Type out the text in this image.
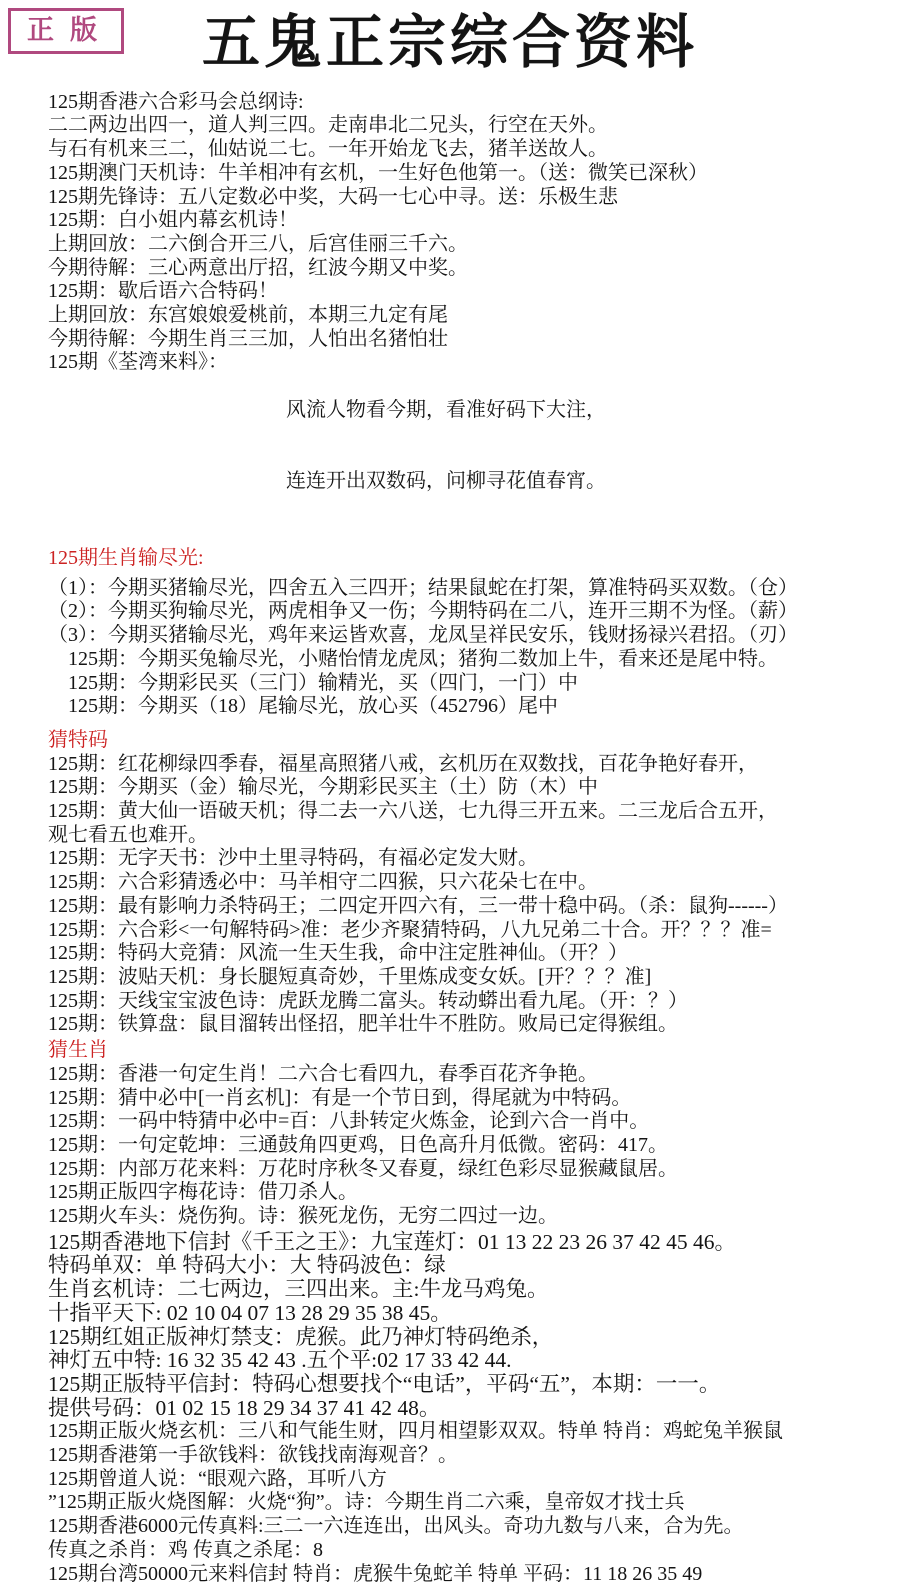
正版	五鬼正宗综合资料
125期香港六合彩马会总纲诗:
二二两边出四一，道人判三四。走南串北二兄头，行空在天外。
与石有机来三二，仙姑说二七。一年开始龙飞去，猪羊送故人。
125期澳门天机诗：牛羊相冲有玄机，一生好色他第一。（送：微笑已深秋）
125期先锋诗：五八定数必中奖，大码一七心中寻。送：乐极生悲
125期：白小姐内幕玄机诗！
上期回放：二六倒合开三八，后宫佳丽三千六。
今期待解：三心两意出厅招，红波今期又中奖。
125期：歇后语六合特码！
上期回放：东宫娘娘爱桃前，本期三九定有尾
今期待解：今期生肖三三加，人怕出名猪怕壮
125期《荃湾来料》：

风流人物看今期，看准好码下大注，

连连开出双数码，问柳寻花值春宵。

125期生肖输尽光:
（1）：今期买猪输尽光，四舍五入三四开；结果鼠蛇在打架，算准特码买双数。（仓）
（2）：今期买狗输尽光，两虎相争又一伤；今期特码在二八，连开三期不为怪。（薪）
（3）：今期买猪输尽光，鸡年来运皆欢喜，龙凤呈祥民安乐，钱财扬禄兴君招。（刃）
125期：今期买兔输尽光，小赌怡情龙虎凤；猪狗二数加上牛，看来还是尾中特。
125期：今期彩民买（三门）输精光，买（四门，一门）中
125期：今期买（18）尾输尽光，放心买（452796）尾中
猜特码
125期：红花柳绿四季春，福星高照猪八戒，玄机历在双数找，百花争艳好春开，
125期：今期买（金）输尽光，今期彩民买主（土）防（木）中
125期：黄大仙一语破天机；得二去一六八送，七九得三开五来。二三龙后合五开，
观七看五也难开。
125期：无字天书：沙中土里寻特码，有福必定发大财。
125期：六合彩猜透必中：马羊相守二四猴，只六花朵七在中。
125期：最有影响力杀特码王；二四定开四六有，三一带十稳中码。（杀：鼠狗------）
125期：六合彩<一句解特码>准：老少齐聚猜特码，八九兄弟二十合。开？？？准=
125期：特码大竞猜：风流一生天生我，命中注定胜神仙。（开？）
125期：波贴天机：身长腿短真奇妙，千里炼成变女妖。[开？？？准]
125期：天线宝宝波色诗：虎跃龙腾二富头。转动蟒出看九尾。（开：？）
125期：铁算盘：鼠目溜转出怪招，肥羊壮牛不胜防。败局已定得猴组。
猜生肖
125期：香港一句定生肖！二六合七看四九，春季百花齐争艳。
125期：猜中必中[一肖玄机]：有是一个节日到，得尾就为中特码。
125期：一码中特猜中必中=百：八卦转定火炼金，论到六合一肖中。
125期：一句定乾坤：三通鼓角四更鸡，日色高升月低微。密码：417。
125期：内部万花来料：万花时序秋冬又春夏，绿红色彩尽显猴藏鼠居。
125期正版四字梅花诗：借刀杀人。
125期火车头：烧伤狗。诗：猴死龙伤，无穷二四过一边。
125期香港地下信封《千王之王》：九宝莲灯：01 13 22 23 26 37 42 45 46。
特码单双：单 特码大小：大 特码波色：绿
生肖玄机诗：二七两边，三四出来。主:牛龙马鸡兔。
十指平天下: 02 10 04 07 13 28 29 35 38 45。
125期红姐正版神灯禁支：虎猴。此乃神灯特码绝杀，
神灯五中特: 16 32 35 42 43 .五个平:02 17 33 42 44.
125期正版特平信封：特码心想要找个“电话”，平码“五”，本期：一一。
提供号码：01 02 15 18 29 34 37 41 42 48。
125期正版火烧玄机：三八和气能生财，四月相望影双双。特单 特肖：鸡蛇兔羊猴鼠
125期香港第一手欲钱料：欲钱找南海观音？。
125期曾道人说：“眼观六路，耳听八方
”125期正版火烧图解：火烧“狗”。诗：今期生肖二六乘，皇帝奴才找士兵
125期香港6000元传真料:三二一六连连出，出风头。奇功九数与八来，合为先。
传真之杀肖：鸡 传真之杀尾：8
125期台湾50000元来料信封 特肖：虎猴牛兔蛇羊 特单 平码：11 18 26 35 49
